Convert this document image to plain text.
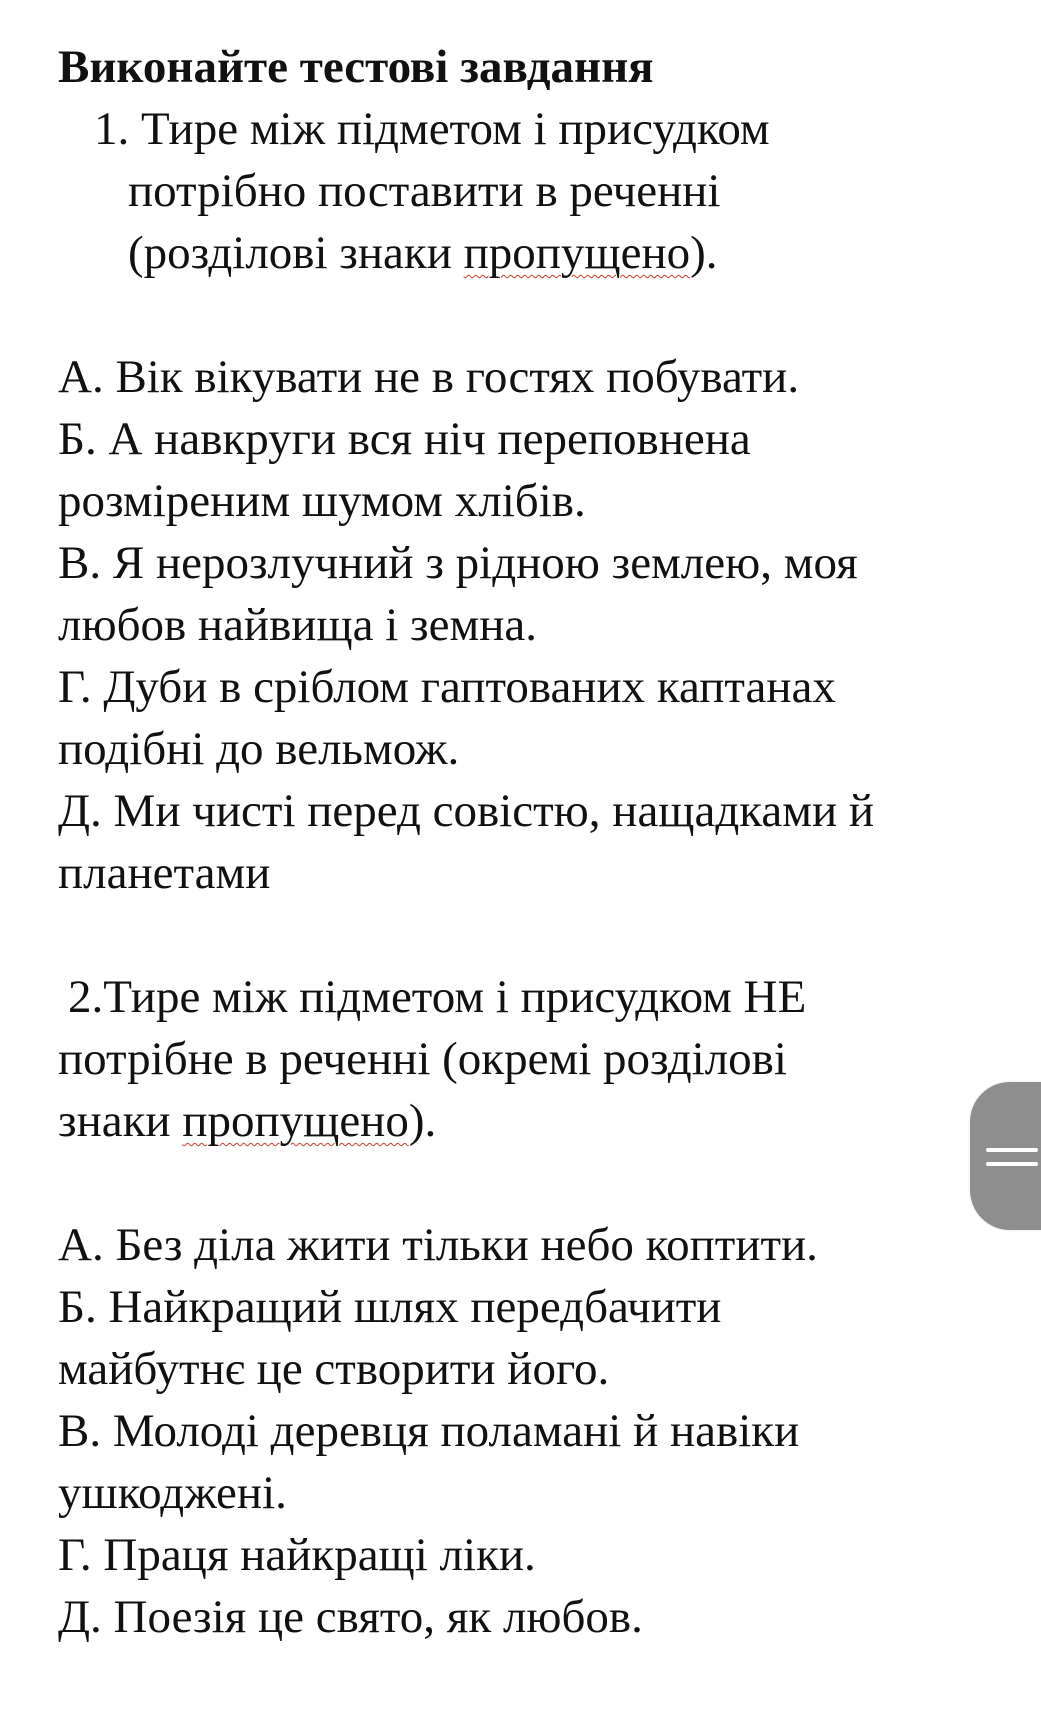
Виконайте тестові завдання

1. Тире між підметом і присудком

потрібно поставити в реченні

(розділові знаки пропущено).

А. Вік вікувати не в гостях побувати.

Б. А навкруги вся ніч переповнена

розміреним шумом хлібів.

В. Я нерозлучний з рідною землею, моя

любов найвища і земна.

Г. Дуби в сріблом гаптованих каптанах

подібні до вельмож.

Д. Ми чисті перед совістю, нащадками й

планетами

2.Тире між підметом і присудком НЕ

потрібне в реченні (окремі розділові

знаки пропущено).

А. Без діла жити тільки небо коптити.

Б. Найкращий шлях передбачити

майбутнє це створити його.

В. Молоді деревця поламані й навіки

ушкоджені.

Г. Праця найкращі ліки.

Д. Поезія це свято, як любов.
